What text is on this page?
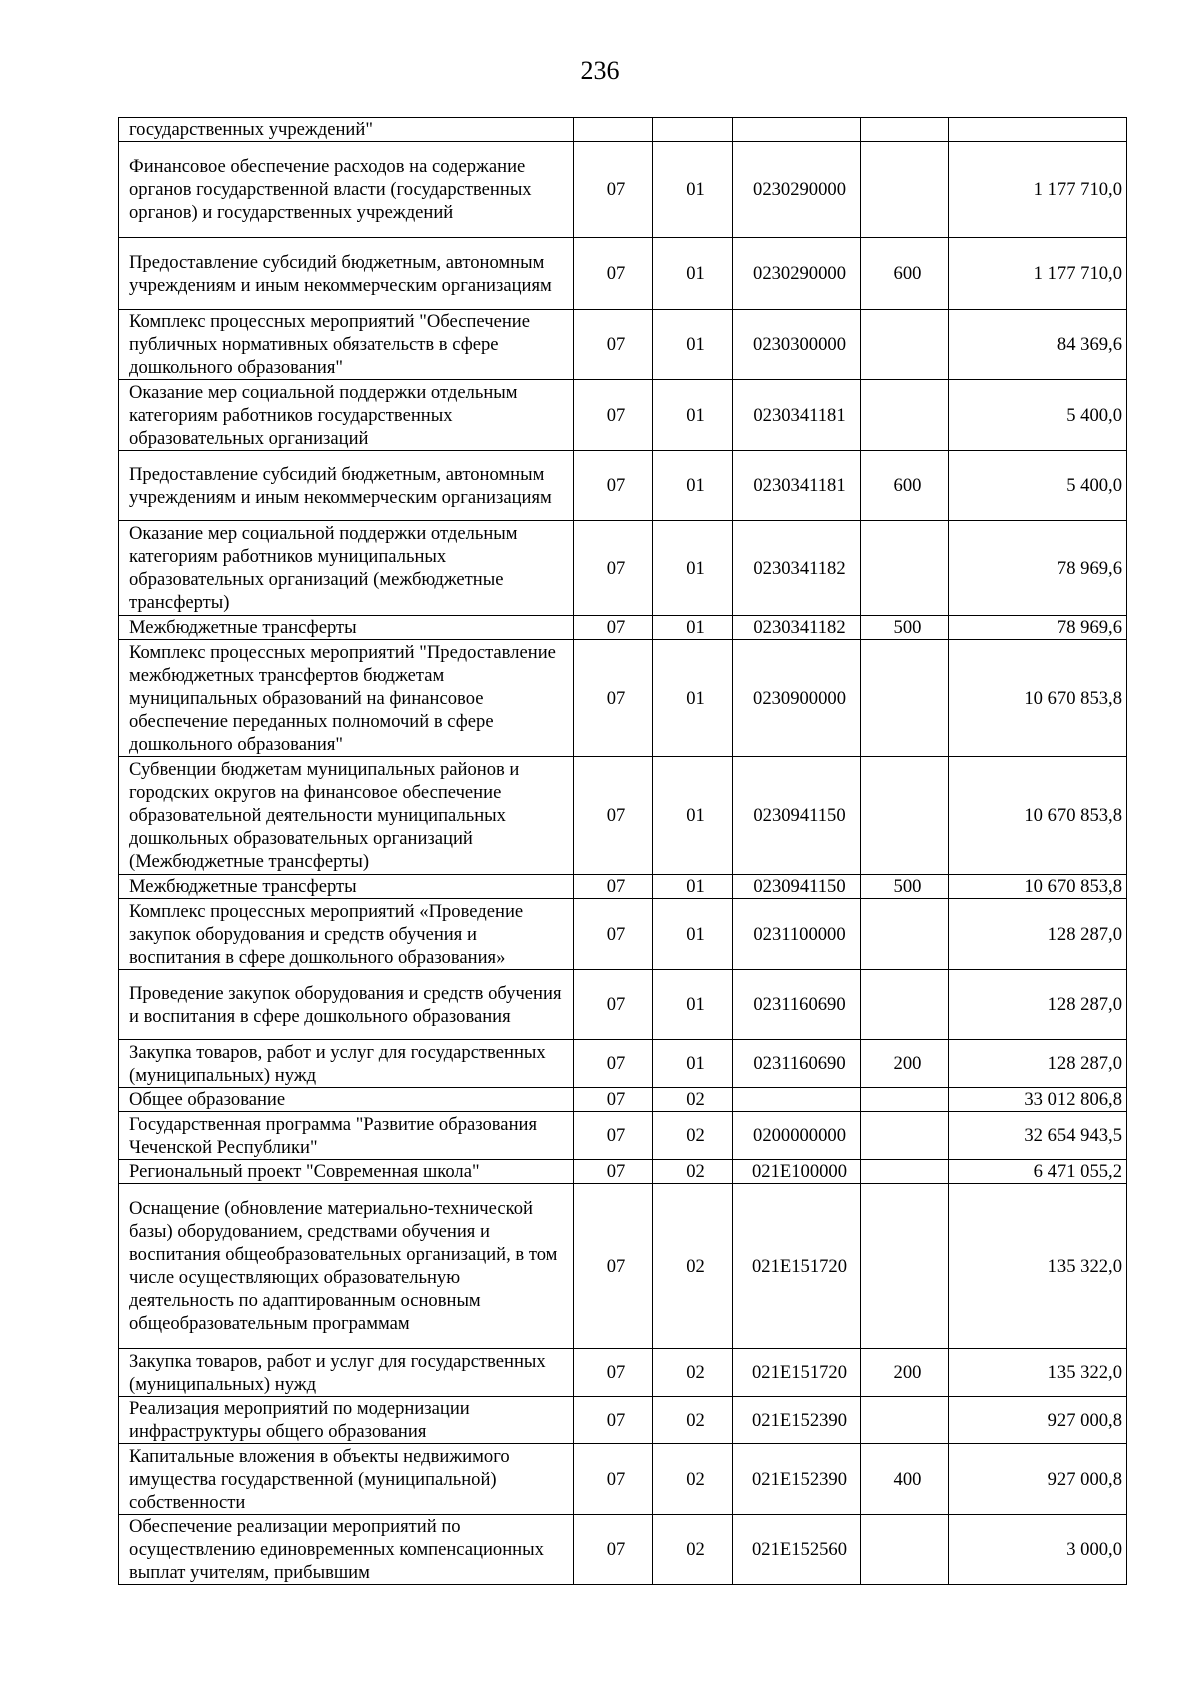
236
государственных учреждений"					
Финансовое обеспечение расходов на содержание органов государственной власти (государственных органов) и государственных учреждений	07	01	0230290000		1 177 710,0
Предоставление субсидий бюджетным, автономным учреждениям и иным некоммерческим организациям	07	01	0230290000	600	1 177 710,0
Комплекс процессных мероприятий "Обеспечение публичных нормативных обязательств в сфере дошкольного образования"	07	01	0230300000		84 369,6
Оказание мер социальной поддержки отдельным категориям работников государственных образовательных организаций	07	01	0230341181		5 400,0
Предоставление субсидий бюджетным, автономным учреждениям и иным некоммерческим организациям	07	01	0230341181	600	5 400,0
Оказание мер социальной поддержки отдельным категориям работников муниципальных образовательных организаций (межбюджетные трансферты)	07	01	0230341182		78 969,6
Межбюджетные трансферты	07	01	0230341182	500	78 969,6
Комплекс процессных мероприятий "Предоставление межбюджетных трансфертов бюджетам муниципальных образований на финансовое обеспечение переданных полномочий в сфере дошкольного образования"	07	01	0230900000		10 670 853,8
Субвенции бюджетам муниципальных районов и городских округов на финансовое обеспечение образовательной деятельности муниципальных дошкольных образовательных организаций (Межбюджетные трансферты)	07	01	0230941150		10 670 853,8
Межбюджетные трансферты	07	01	0230941150	500	10 670 853,8
Комплекс процессных мероприятий «Проведение закупок оборудования и средств обучения и воспитания в сфере дошкольного образования»	07	01	0231100000		128 287,0
Проведение закупок оборудования и средств обучения и воспитания в сфере дошкольного образования	07	01	0231160690		128 287,0
Закупка товаров, работ и услуг для государственных (муниципальных) нужд	07	01	0231160690	200	128 287,0
Общее образование	07	02			33 012 806,8
Государственная программа "Развитие образования Чеченской Республики"	07	02	0200000000		32 654 943,5
Региональный проект "Современная школа"	07	02	021E100000		6 471 055,2
Оснащение (обновление материально-технической базы) оборудованием, средствами обучения и воспитания общеобразовательных организаций, в том числе осуществляющих образовательную деятельность по адаптированным основным общеобразовательным программам	07	02	021E151720		135 322,0
Закупка товаров, работ и услуг для государственных (муниципальных) нужд	07	02	021E151720	200	135 322,0
Реализация мероприятий по модернизации инфраструктуры общего образования	07	02	021E152390		927 000,8
Капитальные вложения в объекты недвижимого имущества государственной (муниципальной) собственности	07	02	021E152390	400	927 000,8
Обеспечение реализации мероприятий по осуществлению единовременных компенсационных выплат учителям, прибывшим	07	02	021E152560		3 000,0
